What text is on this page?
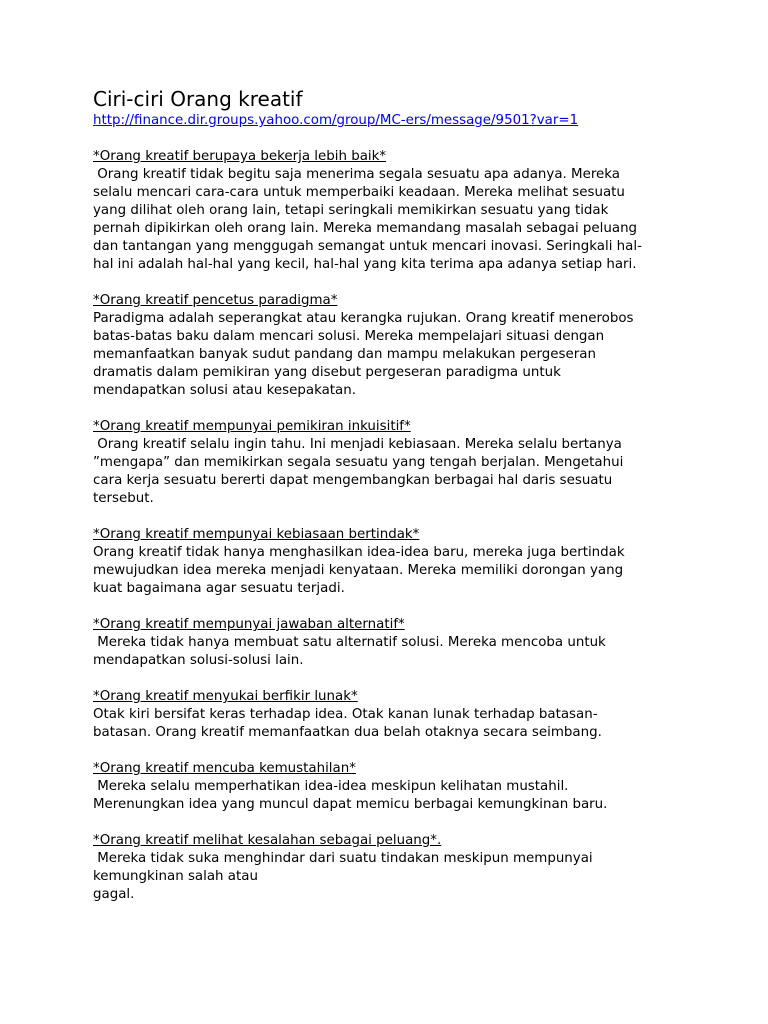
Ciri-ciri Orang kreatif
http://finance.dir.groups.yahoo.com/group/MC-ers/message/9501?var=1
*Orang kreatif berupaya bekerja lebih baik*
Orang kreatif tidak begitu saja menerima segala sesuatu apa adanya. Mereka
selalu mencari cara-cara untuk memperbaiki keadaan. Mereka melihat sesuatu
yang dilihat oleh orang lain, tetapi seringkali memikirkan sesuatu yang tidak
pernah dipikirkan oleh orang lain. Mereka memandang masalah sebagai peluang
dan tantangan yang menggugah semangat untuk mencari inovasi. Seringkali hal-
hal ini adalah hal-hal yang kecil, hal-hal yang kita terima apa adanya setiap hari.
*Orang kreatif pencetus paradigma*
Paradigma adalah seperangkat atau kerangka rujukan. Orang kreatif menerobos
batas-batas baku dalam mencari solusi. Mereka mempelajari situasi dengan
memanfaatkan banyak sudut pandang dan mampu melakukan pergeseran
dramatis dalam pemikiran yang disebut pergeseran paradigma untuk
mendapatkan solusi atau kesepakatan.
*Orang kreatif mempunyai pemikiran inkuisitif*
Orang kreatif selalu ingin tahu. Ini menjadi kebiasaan. Mereka selalu bertanya
”mengapa” dan memikirkan segala sesuatu yang tengah berjalan. Mengetahui
cara kerja sesuatu bererti dapat mengembangkan berbagai hal daris sesuatu
tersebut.
*Orang kreatif mempunyai kebiasaan bertindak*
Orang kreatif tidak hanya menghasilkan idea-idea baru, mereka juga bertindak
mewujudkan idea mereka menjadi kenyataan. Mereka memiliki dorongan yang
kuat bagaimana agar sesuatu terjadi.
*Orang kreatif mempunyai jawaban alternatif*
Mereka tidak hanya membuat satu alternatif solusi. Mereka mencoba untuk
mendapatkan solusi-solusi lain.
*Orang kreatif menyukai berfikir lunak*
Otak kiri bersifat keras terhadap idea. Otak kanan lunak terhadap batasan-
batasan. Orang kreatif memanfaatkan dua belah otaknya secara seimbang.
*Orang kreatif mencuba kemustahilan*
Mereka selalu memperhatikan idea-idea meskipun kelihatan mustahil.
Merenungkan idea yang muncul dapat memicu berbagai kemungkinan baru.
*Orang kreatif melihat kesalahan sebagai peluang*.
Mereka tidak suka menghindar dari suatu tindakan meskipun mempunyai
kemungkinan salah atau
gagal.
